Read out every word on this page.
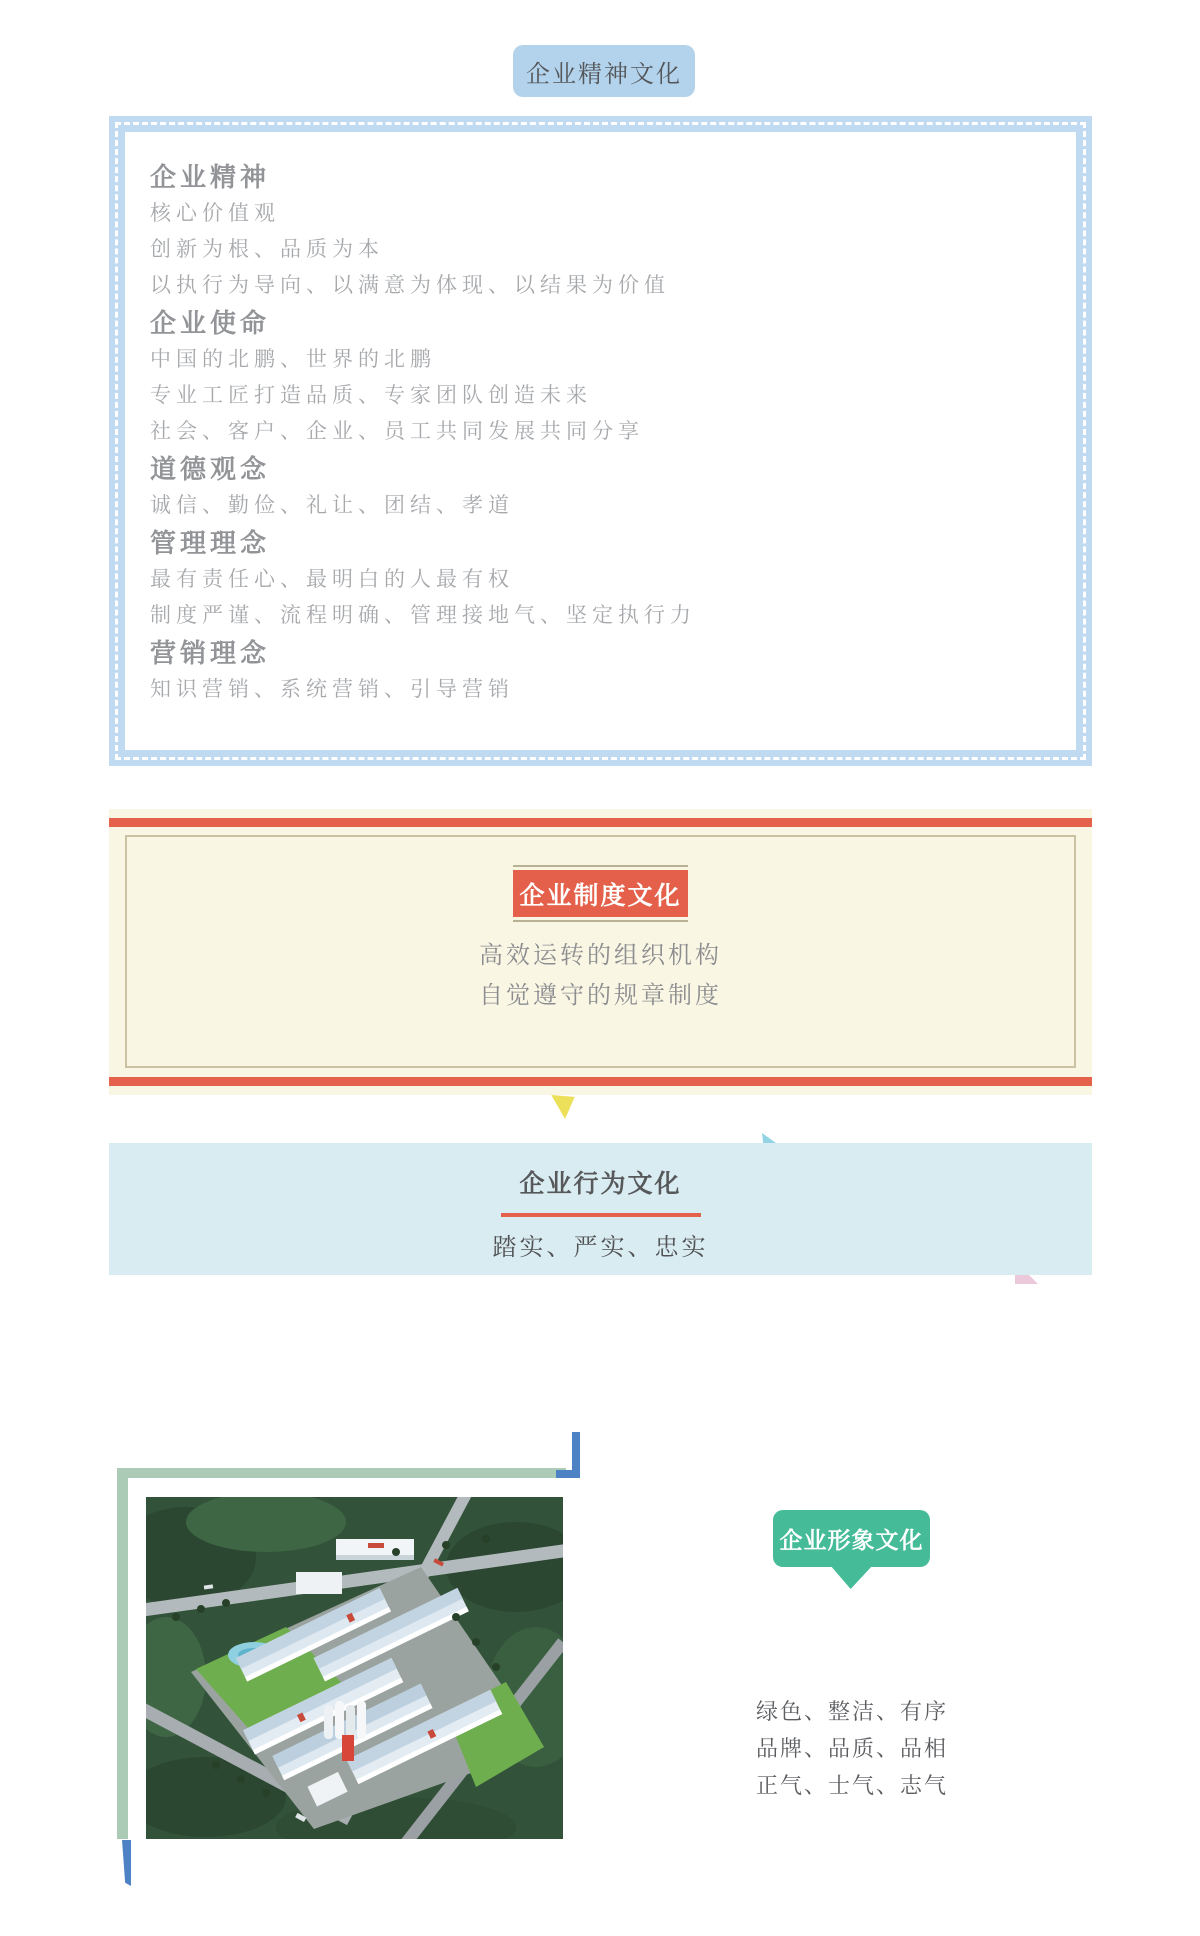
企业精神文化
企业精神
核心价值观
创新为根、品质为本
以执行为导向、以满意为体现、以结果为价值
企业使命
中国的北鹏、世界的北鹏
专业工匠打造品质、专家团队创造未来
社会、客户、企业、员工共同发展共同分享
道德观念
诚信、勤俭、礼让、团结、孝道
管理理念
最有责任心、最明白的人最有权
制度严谨、流程明确、管理接地气、坚定执行力
营销理念
知识营销、系统营销、引导营销
企业制度文化
高效运转的组织机构
自觉遵守的规章制度
企业行为文化
踏实、严实、忠实
企业形象文化
绿色、整洁、有序
品牌、品质、品相
正气、士气、志气
